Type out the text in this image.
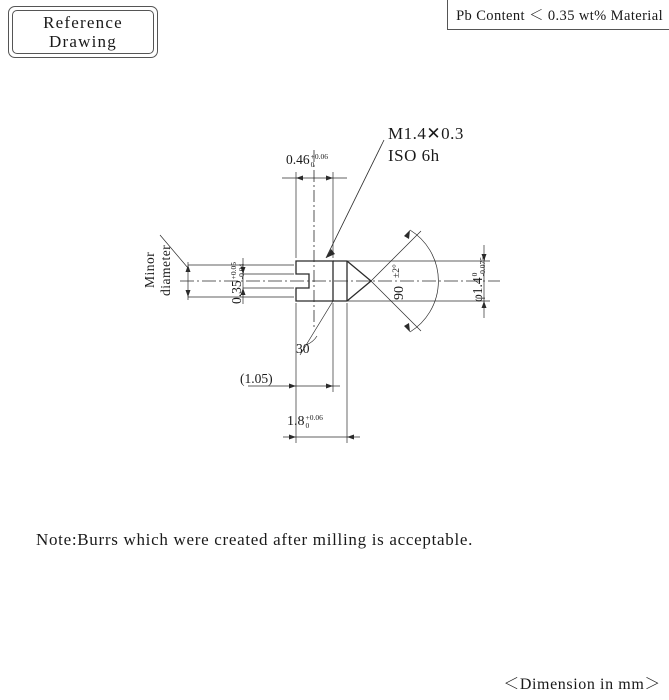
Reference
Drawing
Pb Content ＜ 0.35 wt% Material
M1.4✕0.3
ISO 6h
0.46 +0.06
0
0.35
+0.05
-0.04
Minor diameter	90
±2°
30
(1.05)
1.8 +0.06
0
φ1.4
0
-0.075
Note:Burrs which were created after milling is acceptable.
＜Dimension in mm＞
